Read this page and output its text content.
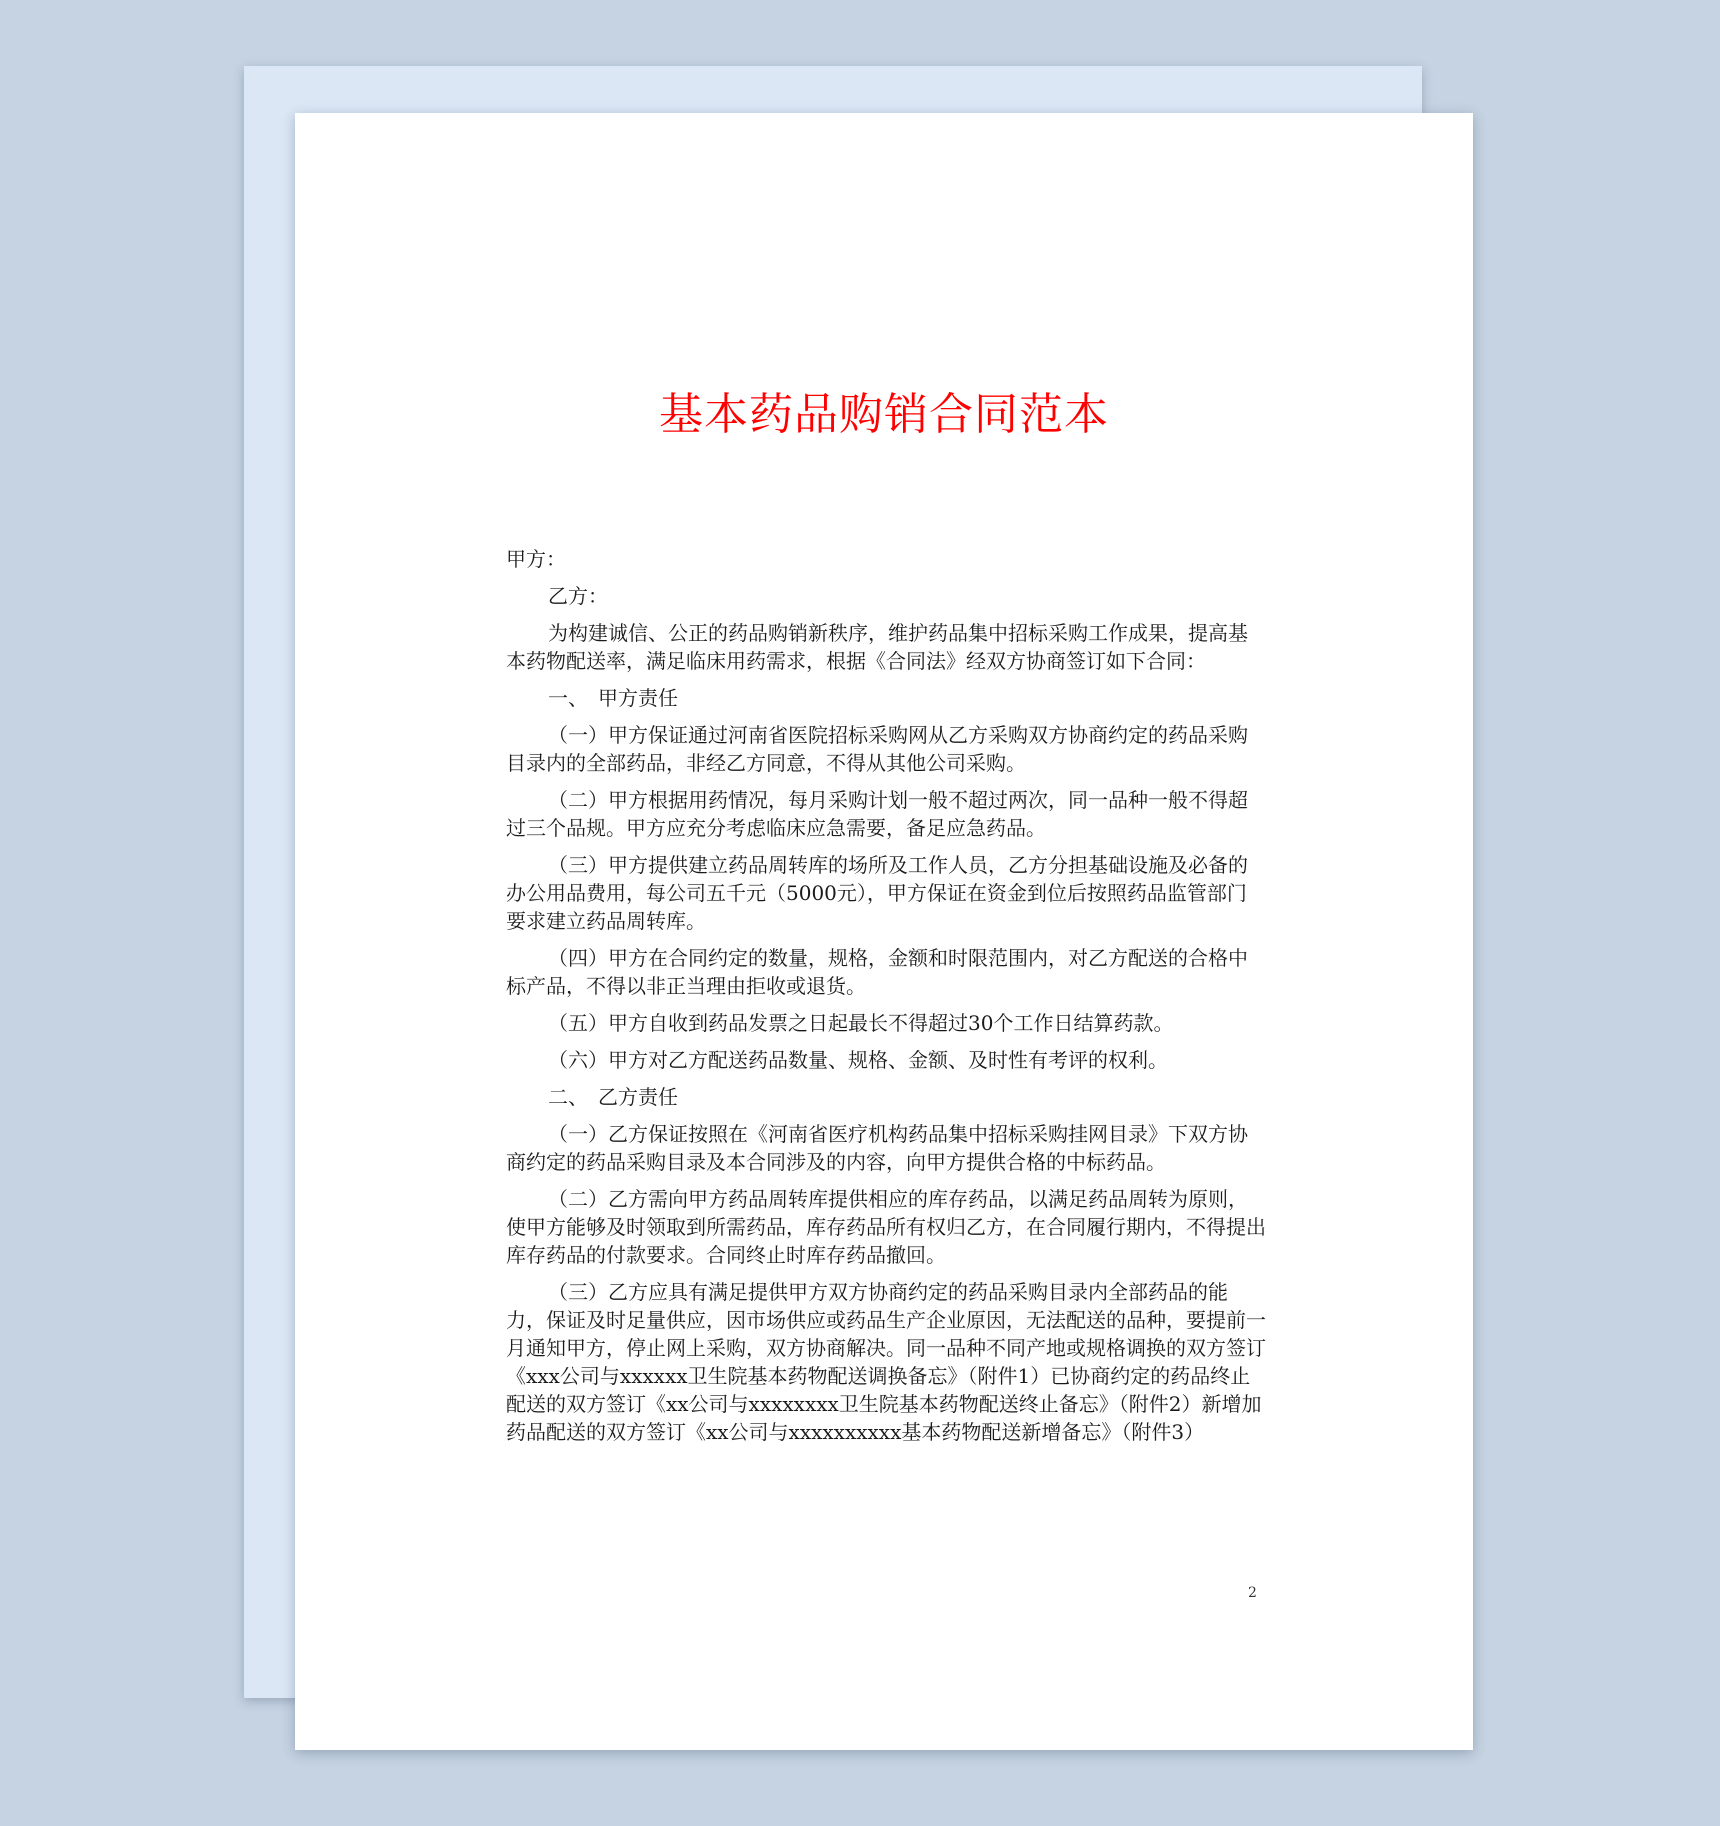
基本药品购销合同范本

甲方：

乙方：

为构建诚信、公正的药品购销新秩序，维护药品集中招标采购工作成果，提高基本药物配送率，满足临床用药需求，根据《合同法》经双方协商签订如下合同：

一、　甲方责任

（一）甲方保证通过河南省医院招标采购网从乙方采购双方协商约定的药品采购目录内的全部药品，非经乙方同意，不得从其他公司采购。

（二）甲方根据用药情况，每月采购计划一般不超过两次，同一品种一般不得超过三个品规。甲方应充分考虑临床应急需要，备足应急药品。

（三）甲方提供建立药品周转库的场所及工作人员，乙方分担基础设施及必备的办公用品费用，每公司五千元（5000元），甲方保证在资金到位后按照药品监管部门要求建立药品周转库。

（四）甲方在合同约定的数量，规格，金额和时限范围内，对乙方配送的合格中标产品，不得以非正当理由拒收或退货。

（五）甲方自收到药品发票之日起最长不得超过30个工作日结算药款。

（六）甲方对乙方配送药品数量、规格、金额、及时性有考评的权利。

二、　乙方责任

（一）乙方保证按照在《河南省医疗机构药品集中招标采购挂网目录》下双方协商约定的药品采购目录及本合同涉及的内容，向甲方提供合格的中标药品。

（二）乙方需向甲方药品周转库提供相应的库存药品，以满足药品周转为原则，使甲方能够及时领取到所需药品，库存药品所有权归乙方，在合同履行期内，不得提出库存药品的付款要求。合同终止时库存药品撤回。

（三）乙方应具有满足提供甲方双方协商约定的药品采购目录内全部药品的能力，保证及时足量供应，因市场供应或药品生产企业原因，无法配送的品种，要提前一月通知甲方，停止网上采购，双方协商解决。同一品种不同产地或规格调换的双方签订《xxx公司与xxxxxx卫生院基本药物配送调换备忘》（附件1）已协商约定的药品终止配送的双方签订《xx公司与xxxxxxxx卫生院基本药物配送终止备忘》（附件2）新增加药品配送的双方签订《xx公司与xxxxxxxxxx基本药物配送新增备忘》（附件3）

2
